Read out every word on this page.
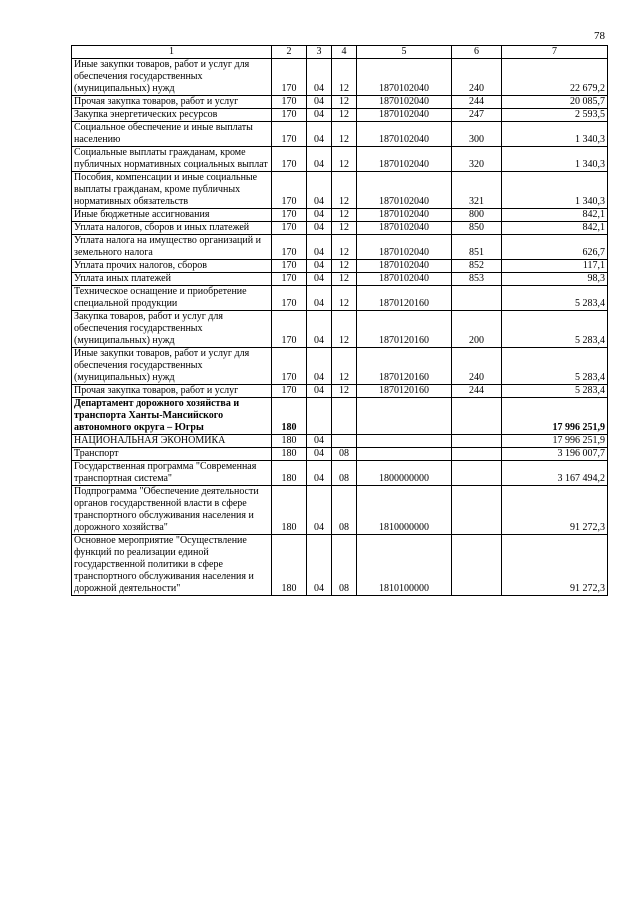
78
1	2	3	4	5	6	7
Иные закупки товаров, работ и услуг для обеспечения государственных (муниципальных) нужд	170	04	12	1870102040	240	22 679,2
Прочая закупка товаров, работ и услуг	170	04	12	1870102040	244	20 085,7
Закупка энергетических ресурсов	170	04	12	1870102040	247	2 593,5
Социальное обеспечение и иные выплаты населению	170	04	12	1870102040	300	1 340,3
Социальные выплаты гражданам, кроме публичных нормативных социальных выплат	170	04	12	1870102040	320	1 340,3
Пособия, компенсации и иные социальные выплаты гражданам, кроме публичных нормативных обязательств	170	04	12	1870102040	321	1 340,3
Иные бюджетные ассигнования	170	04	12	1870102040	800	842,1
Уплата налогов, сборов и иных платежей	170	04	12	1870102040	850	842,1
Уплата налога на имущество организаций и земельного налога	170	04	12	1870102040	851	626,7
Уплата прочих налогов, сборов	170	04	12	1870102040	852	117,1
Уплата иных платежей	170	04	12	1870102040	853	98,3
Техническое оснащение и приобретение специальной продукции	170	04	12	1870120160		5 283,4
Закупка товаров, работ и услуг для обеспечения государственных (муниципальных) нужд	170	04	12	1870120160	200	5 283,4
Иные закупки товаров, работ и услуг для обеспечения государственных (муниципальных) нужд	170	04	12	1870120160	240	5 283,4
Прочая закупка товаров, работ и услуг	170	04	12	1870120160	244	5 283,4
Департамент дорожного хозяйства и транспорта Ханты-Мансийского автономного округа – Югры	180					17 996 251,9
НАЦИОНАЛЬНАЯ ЭКОНОМИКА	180	04				17 996 251,9
Транспорт	180	04	08			3 196 007,7
Государственная программа "Современная транспортная система"	180	04	08	1800000000		3 167 494,2
Подпрограмма "Обеспечение деятельности органов государственной власти в сфере транспортного обслуживания населения и дорожного хозяйства"	180	04	08	1810000000		91 272,3
Основное мероприятие "Осуществление функций по реализации единой государственной политики в сфере транспортного обслуживания населения и дорожной деятельности"	180	04	08	1810100000		91 272,3
